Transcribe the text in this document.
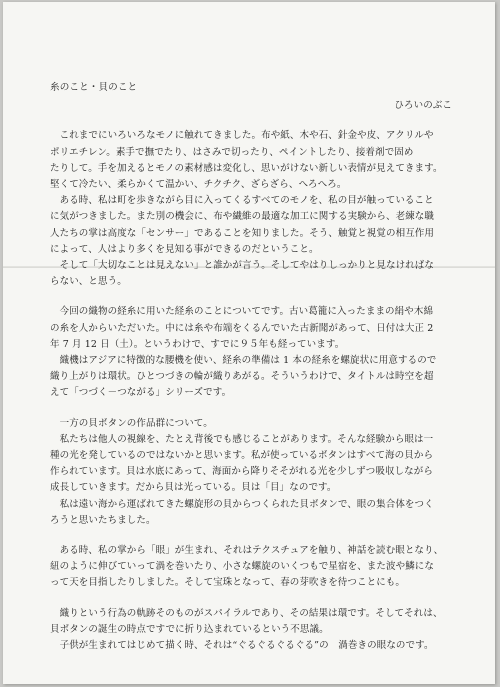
糸のこと・貝のこと
ひろいのぶこ
　これまでにいろいろなモノに触れてきました。布や紙、木や石、針金や皮、アクリルや
ポリエチレン。素手で撫でたり、はさみで切ったり、ペイントしたり、接着剤で固め
たりして。手を加えるとモノの素材感は変化し、思いがけない新しい表情が見えてきます。
堅くて冷たい、柔らかくて温かい、チクチク、ざらざら、へろへろ。
　ある時、私は町を歩きながら目に入ってくるすべてのモノを、私の目が触っていること
に気がつきました。また別の機会に、布や繊維の最適な加工に関する実験から、老練な職
人たちの掌は高度な「センサー」であることを知りました。そう、触覚と視覚の相互作用
によって、人はより多くを見知る事ができるのだということ。
　そして「大切なことは見えない」と誰かが言う。そしてやはりしっかりと見なければな
らない、と思う。
　今回の織物の経糸に用いた経糸のことについてです。古い葛籠に入ったままの絹や木綿
の糸を人からいただいた。中には糸や布端をくるんでいた古新聞があって、日付は大正 2
年 7 月 12 日（土）。というわけで、すでに９５年も経っています。
　織機はアジアに特徴的な腰機を使い、経糸の準備は 1 本の経糸を螺旋状に用意するので
織り上がりは環状。ひとつづきの輪が織りあがる。そういうわけで、タイトルは時空を超
えて「つづく－つながる」シリーズです。
　一方の貝ボタンの作品群について。
　私たちは他人の視線を、たとえ背後でも感じることがあります。そんな経験から眼は一
種の光を発しているのではないかと思います。私が使っているボタンはすべて海の貝から
作られています。貝は水底にあって、海面から降りそそがれる光を少しずつ吸収しながら
成長していきます。だから貝は光っている。貝は「目」なのです。
　私は遠い海から運ばれてきた螺旋形の貝からつくられた貝ボタンで、眼の集合体をつく
ろうと思いたちました。
　ある時、私の掌から「眼」が生まれ、それはテクスチュアを触り、神話を読む眼となり、
紐のように伸びていって渦を巻いたり、小さな螺旋のいくつもで星宿を、また波や鱗にな
って天を目指したりしました。そして宝珠となって、春の芽吹きを待つことにも。
　織りという行為の軌跡そのものがスパイラルであり、その結果は環です。そしてそれは、
貝ボタンの誕生の時点ですでに折り込まれているという不思議。
　子供が生まれてはじめて描く時、それは“ぐるぐるぐるぐる”の　渦巻きの眼なのです。
